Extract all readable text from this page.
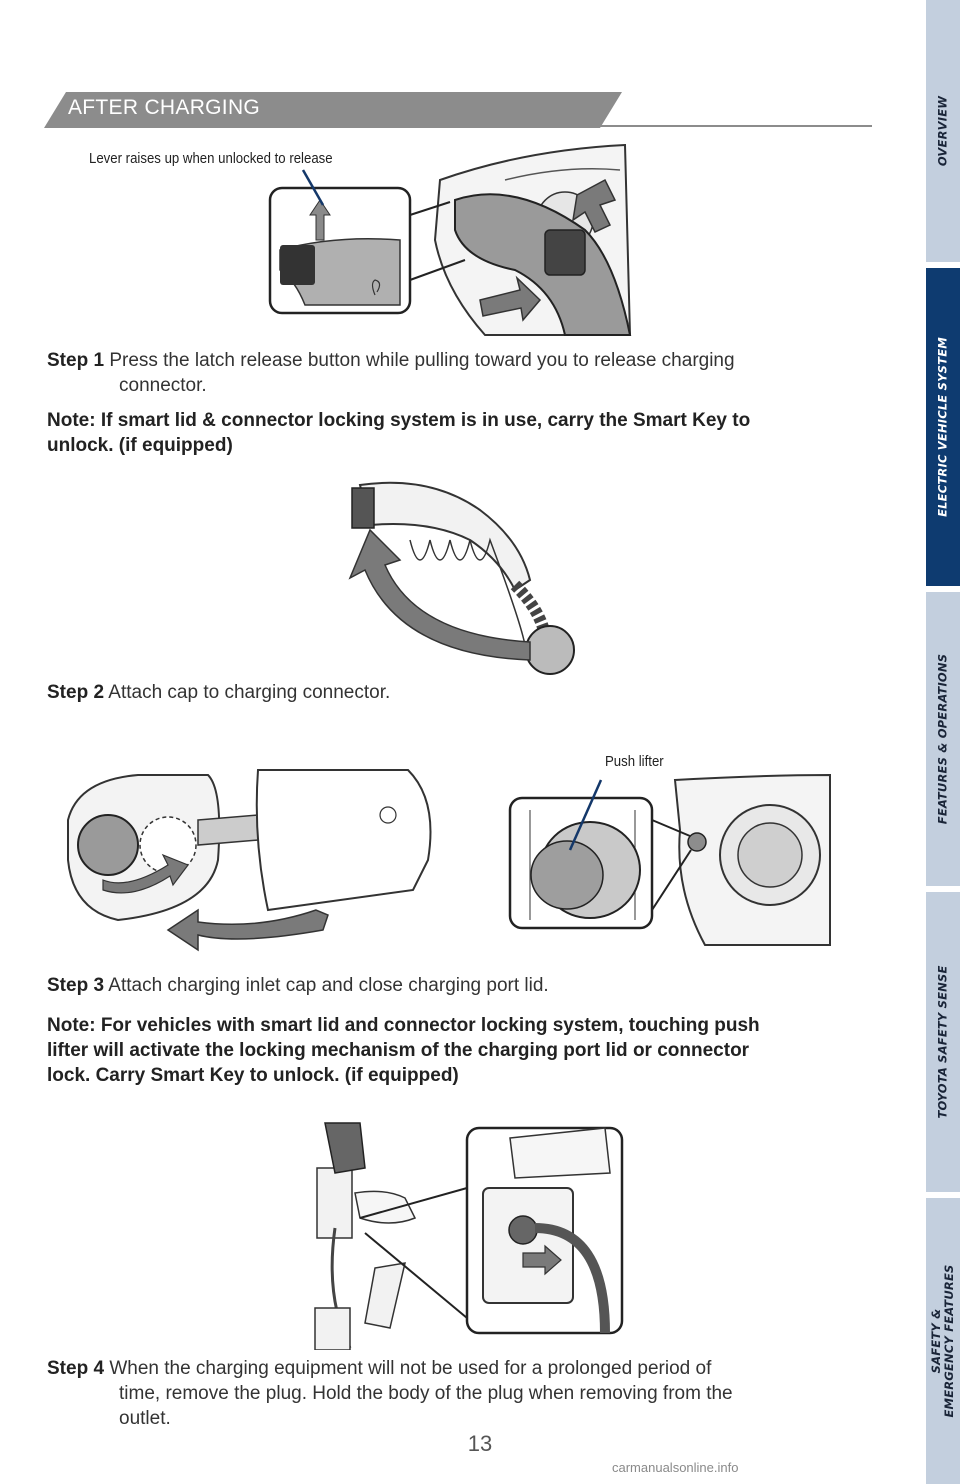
OVERVIEW
ELECTRIC VEHICLE SYSTEM
FEATURES & OPERATIONS
TOYOTA SAFETY SENSE
SAFETY &
EMERGENCY FEATURES
AFTER CHARGING
Lever raises up when unlocked to release
Step 1 Press the latch release button while pulling toward you to release charging
connector.
Note: If smart lid & connector locking system is in use, carry the Smart Key to
unlock. (if equipped)
Step 2 Attach cap to charging connector.
Push lifter
Step 3 Attach charging inlet cap and close charging port lid.
Note: For vehicles with smart lid and connector locking system, touching push
lifter will activate the locking mechanism of the charging port lid or connector
lock. Carry Smart Key to unlock. (if equipped)
Step 4 When the charging equipment will not be used for a prolonged period of
time, remove the plug. Hold the body of the plug when removing from the
outlet.
13
carmanualsonline.info
